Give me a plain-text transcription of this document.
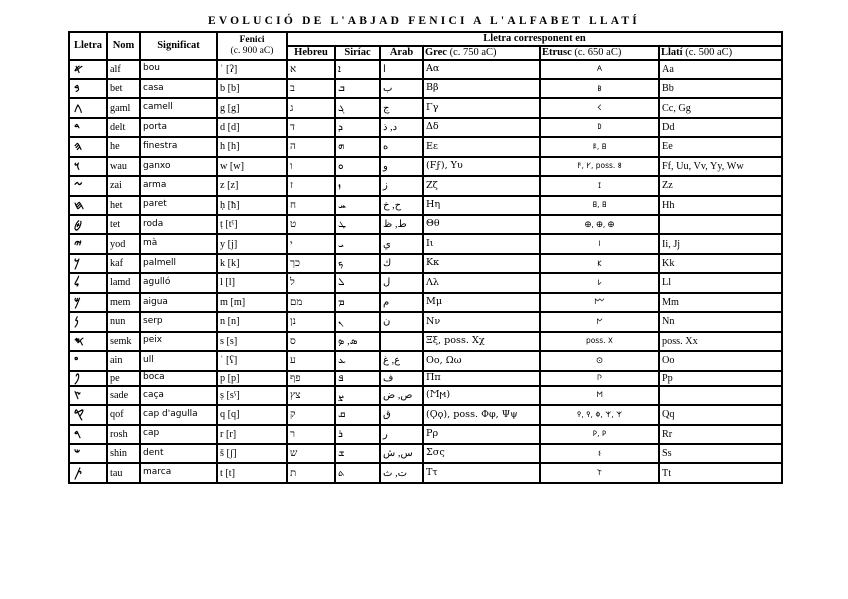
EVOLUCIÓ DE L'ABJAD FENICI A L'ALFABET LLATÍ
Lletra	Nom	Significat	Fenici
(c. 900 aC)	Lletra corresponent en					
				Hebreu	Siríac	Àrab	Grec (c. 750 aC)	Etrusc (c. 650 aC)	Llatí (c. 500 aC)
𐤀	alf	bou	ʾ [ʔ]	א	ܐ	ا	Αα	𐌀	Aa
𐤁	bet	casa	b [b]	ב	ܒ	ب	Ββ	𐌁	Bb
𐤂	gaml	camell	g [g]	ג	ܓ	ج	Γγ	𐌂	Cc, Gg
𐤃	delt	porta	d [d]	ד	ܕ	د, ذ	Δδ	𐌃	Dd
𐤄	he	finestra	h [h]	ה	ܗ	ه	Εε	𐌄, 𐌇	Ee
𐤅	wau	ganxo	w [w]	ו	ܘ	و	(Ϝϝ), Υυ	𐌅, 𐌖, poss. 𐌚	Ff, Uu, Vv, Yy, Ww
𐤆	zai	arma	z [z]	ז	ܙ	ز	Ζζ	𐌆	Zz
𐤇	het	paret	ḥ [ħ]	ח	ܚ	ح, خ	Ηη	𐌇, 𐌇	Hh
𐤈	tet	roda	ṭ [tˤ]	ט	ܛ	ط, ظ	Θθ	𐌈, 𐌈, 𐌈	
𐤉	yod	mà	y [j]	י	ܝ	ي	Ιι	𐌉	Ii, Jj
𐤊	kaf	palmell	k [k]	כך	ܟ	ك	Κκ	𐌊	Kk
𐤋	lamd	agulló	l [l]	ל	ܠ	ل	Λλ	𐌋	Ll
𐤌	mem	aigua	m [m]	מם	ܡ	م	Μμ	𐌌	Mm
𐤍	nun	serp	n [n]	נן	ܢ	ن	Νν	𐌍	Nn
𐤎	semk	peix	s [s]	ס	ܣ, ܤ		Ξξ, poss. Χχ	poss. 𐌗	poss. Xx
𐤏	ain	ull	ʿ [ʕ]	ע	ܥ	ع, غ	Οο, Ωω	𐌏	Oo
𐤐	pe	boca	p [p]	פף	ܦ	ف	Ππ	𐌐	Pp
𐤑	sade	caça	ṣ [sˤ]	צץ	ܨ	ص, ض	(Ϻϻ)	𐌑	
𐤒	qof	cap d'agulla	q [q]	ק	ܩ	ق	(Ϙϙ), poss. Φφ, Ψψ	𐌒, 𐌒, 𐌘, 𐌙, 𐌙	Qq
𐤓	rosh	cap	r [r]	ר	ܪ	ر	Ρρ	𐌓, 𐌓	Rr
𐤔	shin	dent	š [ʃ]	ש	ܫ	س, ش	Σσς	𐌔	Ss
𐤕	tau	marca	t [t]	ת	ܬ	ت, ث	Ττ	𐌕	Tt
